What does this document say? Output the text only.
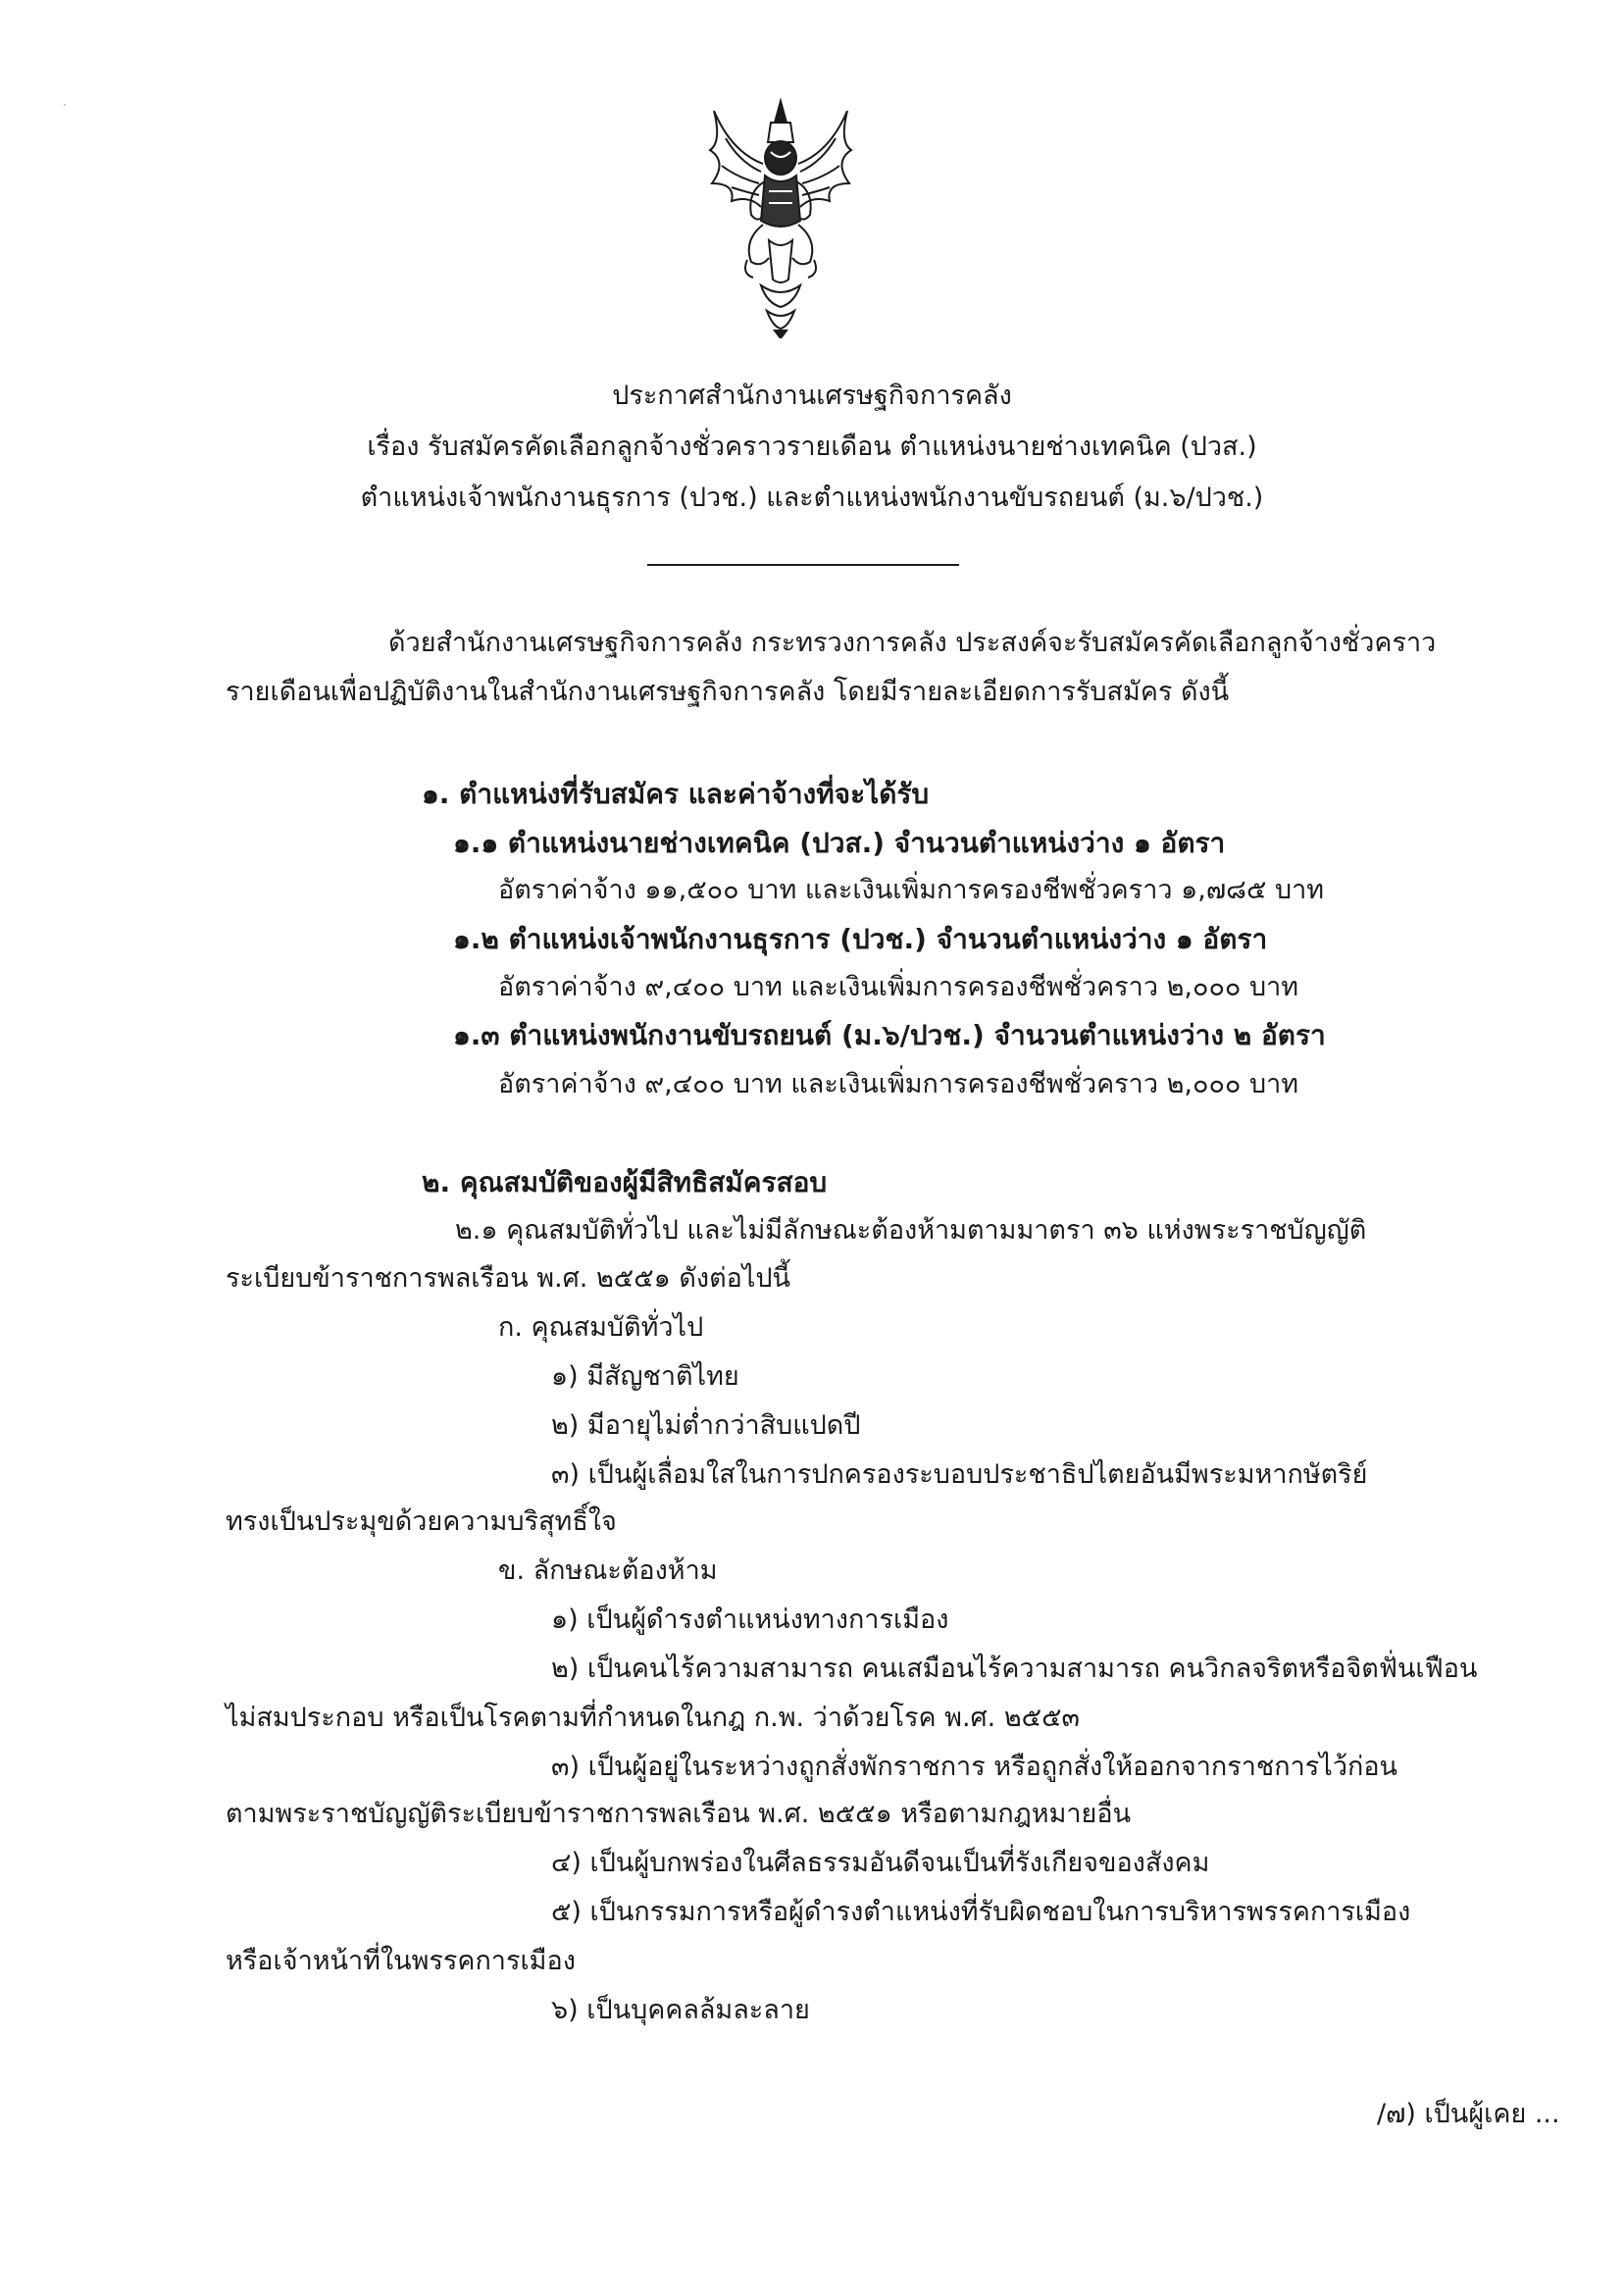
·
ประกาศสำนักงานเศรษฐกิจการคลัง
เรื่อง รับสมัครคัดเลือกลูกจ้างชั่วคราวรายเดือน ตำแหน่งนายช่างเทคนิค (ปวส.)
ตำแหน่งเจ้าพนักงานธุรการ (ปวช.) และตำแหน่งพนักงานขับรถยนต์ (ม.๖/ปวช.)
ด้วยสำนักงานเศรษฐกิจการคลัง กระทรวงการคลัง ประสงค์จะรับสมัครคัดเลือกลูกจ้างชั่วคราว
รายเดือนเพื่อปฏิบัติงานในสำนักงานเศรษฐกิจการคลัง โดยมีรายละเอียดการรับสมัคร ดังนี้
๑. ตำแหน่งที่รับสมัคร และค่าจ้างที่จะได้รับ
๑.๑ ตำแหน่งนายช่างเทคนิค (ปวส.) จำนวนตำแหน่งว่าง ๑ อัตรา
อัตราค่าจ้าง ๑๑,๕๐๐ บาท และเงินเพิ่มการครองชีพชั่วคราว ๑,๗๘๕ บาท
๑.๒ ตำแหน่งเจ้าพนักงานธุรการ (ปวช.) จำนวนตำแหน่งว่าง ๑ อัตรา
อัตราค่าจ้าง ๙,๔๐๐ บาท และเงินเพิ่มการครองชีพชั่วคราว ๒,๐๐๐ บาท
๑.๓ ตำแหน่งพนักงานขับรถยนต์ (ม.๖/ปวช.) จำนวนตำแหน่งว่าง ๒ อัตรา
อัตราค่าจ้าง ๙,๔๐๐ บาท และเงินเพิ่มการครองชีพชั่วคราว ๒,๐๐๐ บาท
๒. คุณสมบัติของผู้มีสิทธิสมัครสอบ
๒.๑ คุณสมบัติทั่วไป และไม่มีลักษณะต้องห้ามตามมาตรา ๓๖ แห่งพระราชบัญญัติ
ระเบียบข้าราชการพลเรือน พ.ศ. ๒๕๕๑ ดังต่อไปนี้
ก. คุณสมบัติทั่วไป
๑) มีสัญชาติไทย
๒) มีอายุไม่ต่ำกว่าสิบแปดปี
๓) เป็นผู้เลื่อมใสในการปกครองระบอบประชาธิปไตยอันมีพระมหากษัตริย์
ทรงเป็นประมุขด้วยความบริสุทธิ์ใจ
ข. ลักษณะต้องห้าม
๑) เป็นผู้ดำรงตำแหน่งทางการเมือง
๒) เป็นคนไร้ความสามารถ คนเสมือนไร้ความสามารถ คนวิกลจริตหรือจิตฟั่นเฟือน
ไม่สมประกอบ หรือเป็นโรคตามที่กำหนดในกฎ ก.พ. ว่าด้วยโรค พ.ศ. ๒๕๕๓
๓) เป็นผู้อยู่ในระหว่างถูกสั่งพักราชการ หรือถูกสั่งให้ออกจากราชการไว้ก่อน
ตามพระราชบัญญัติระเบียบข้าราชการพลเรือน พ.ศ. ๒๕๕๑ หรือตามกฎหมายอื่น
๔) เป็นผู้บกพร่องในศีลธรรมอันดีจนเป็นที่รังเกียจของสังคม
๕) เป็นกรรมการหรือผู้ดำรงตำแหน่งที่รับผิดชอบในการบริหารพรรคการเมือง
หรือเจ้าหน้าที่ในพรรคการเมือง
๖) เป็นบุคคลล้มละลาย
/๗) เป็นผู้เคย ...
